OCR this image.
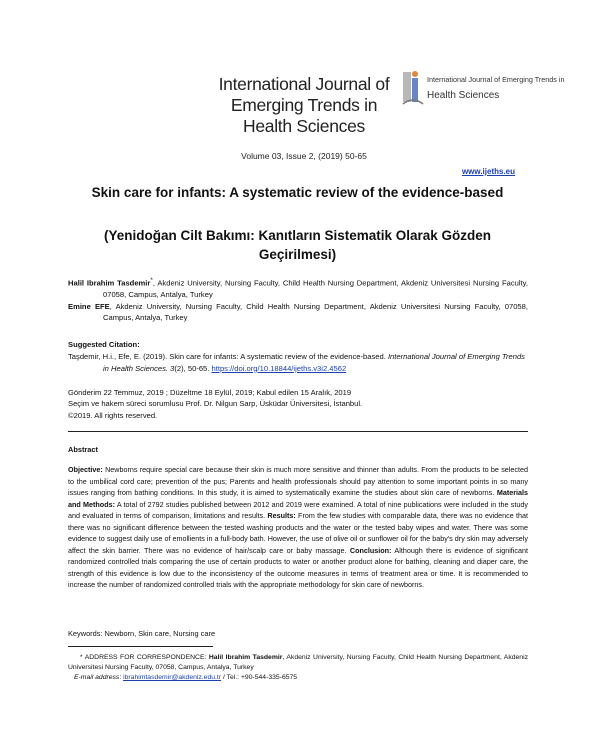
International Journal of Emerging Trends in Health Sciences
International Journal of Emerging Trends in
Health Sciences
Volume 03, Issue 2, (2019) 50-65
www.ijeths.eu
Skin care for infants: A systematic review of the evidence-based
(Yenidoğan Cilt Bakımı: Kanıtların Sistematik Olarak Gözden Geçirilmesi)

Halil Ibrahim Tasdemir*, Akdeniz University, Nursing Faculty, Child Health Nursing Department, Akdeniz Universitesi Nursing Faculty, 07058, Campus, Antalya, Turkey

Emine EFE, Akdeniz University, Nursing Faculty, Child Health Nursing Department, Akdeniz Universitesi Nursing Faculty, 07058, Campus, Antalya, Turkey

Suggested Citation:
Taşdemir, H.i., Efe, E. (2019). Skin care for infants: A systematic review of the evidence-based. International Journal of Emerging Trends in Health Sciences. 3(2), 50-65. https://doi.org/10.18844/ijeths.v3i2.4562
Gönderim 22 Temmuz, 2019 ; Düzeltme 18 Eylül, 2019; Kabul edilen 15 Aralık, 2019
Seçim ve hakem süreci sorumlusu Prof. Dr. Nilgun Sarp, Üsküdar Üniversitesi, İstanbul.
©2019. All rights reserved.
Abstract
Objective: Newborns require special care because their skin is much more sensitive and thinner than adults. From the products to be selected to the umbilical cord care; prevention of the pus; Parents and health professionals should pay attention to some important points in so many issues ranging from bathing conditions. In this study, it is aimed to systematically examine the studies about skin care of newborns. Materials and Methods: A total of 2792 studies published between 2012 and 2019 were examined. A total of nine publications were included in the study and evaluated in terms of comparison, limitations and results. Results: From the few studies with comparable data, there was no evidence that there was no significant difference between the tested washing products and the water or the tested baby wipes and water. There was some evidence to suggest daily use of emollients in a full-body bath. However, the use of olive oil or sunflower oil for the baby's dry skin may adversely affect the skin barrier. There was no evidence of hair/scalp care or baby massage. Conclusion: Although there is evidence of significant randomized controlled trials comparing the use of certain products to water or another product alone for bathing, cleaning and diaper care, the strength of this evidence is low due to the inconsistency of the outcome measures in terms of treatment area or time. It is recommended to increase the number of randomized controlled trials with the appropriate methodology for skin care of newborns.
Keywords: Newborn, Skin care, Nursing care
* ADDRESS FOR CORRESPONDENCE: Halil Ibrahim Tasdemir, Akdeniz University, Nursing Faculty, Child Health Nursing Department, Akdeniz Universitesi Nursing Faculty, 07058, Campus, Antalya, Turkey
E-mail address: ibrahimtasdemir@akdeniz.edu.tr / Tel.: +90-544-335-6575
